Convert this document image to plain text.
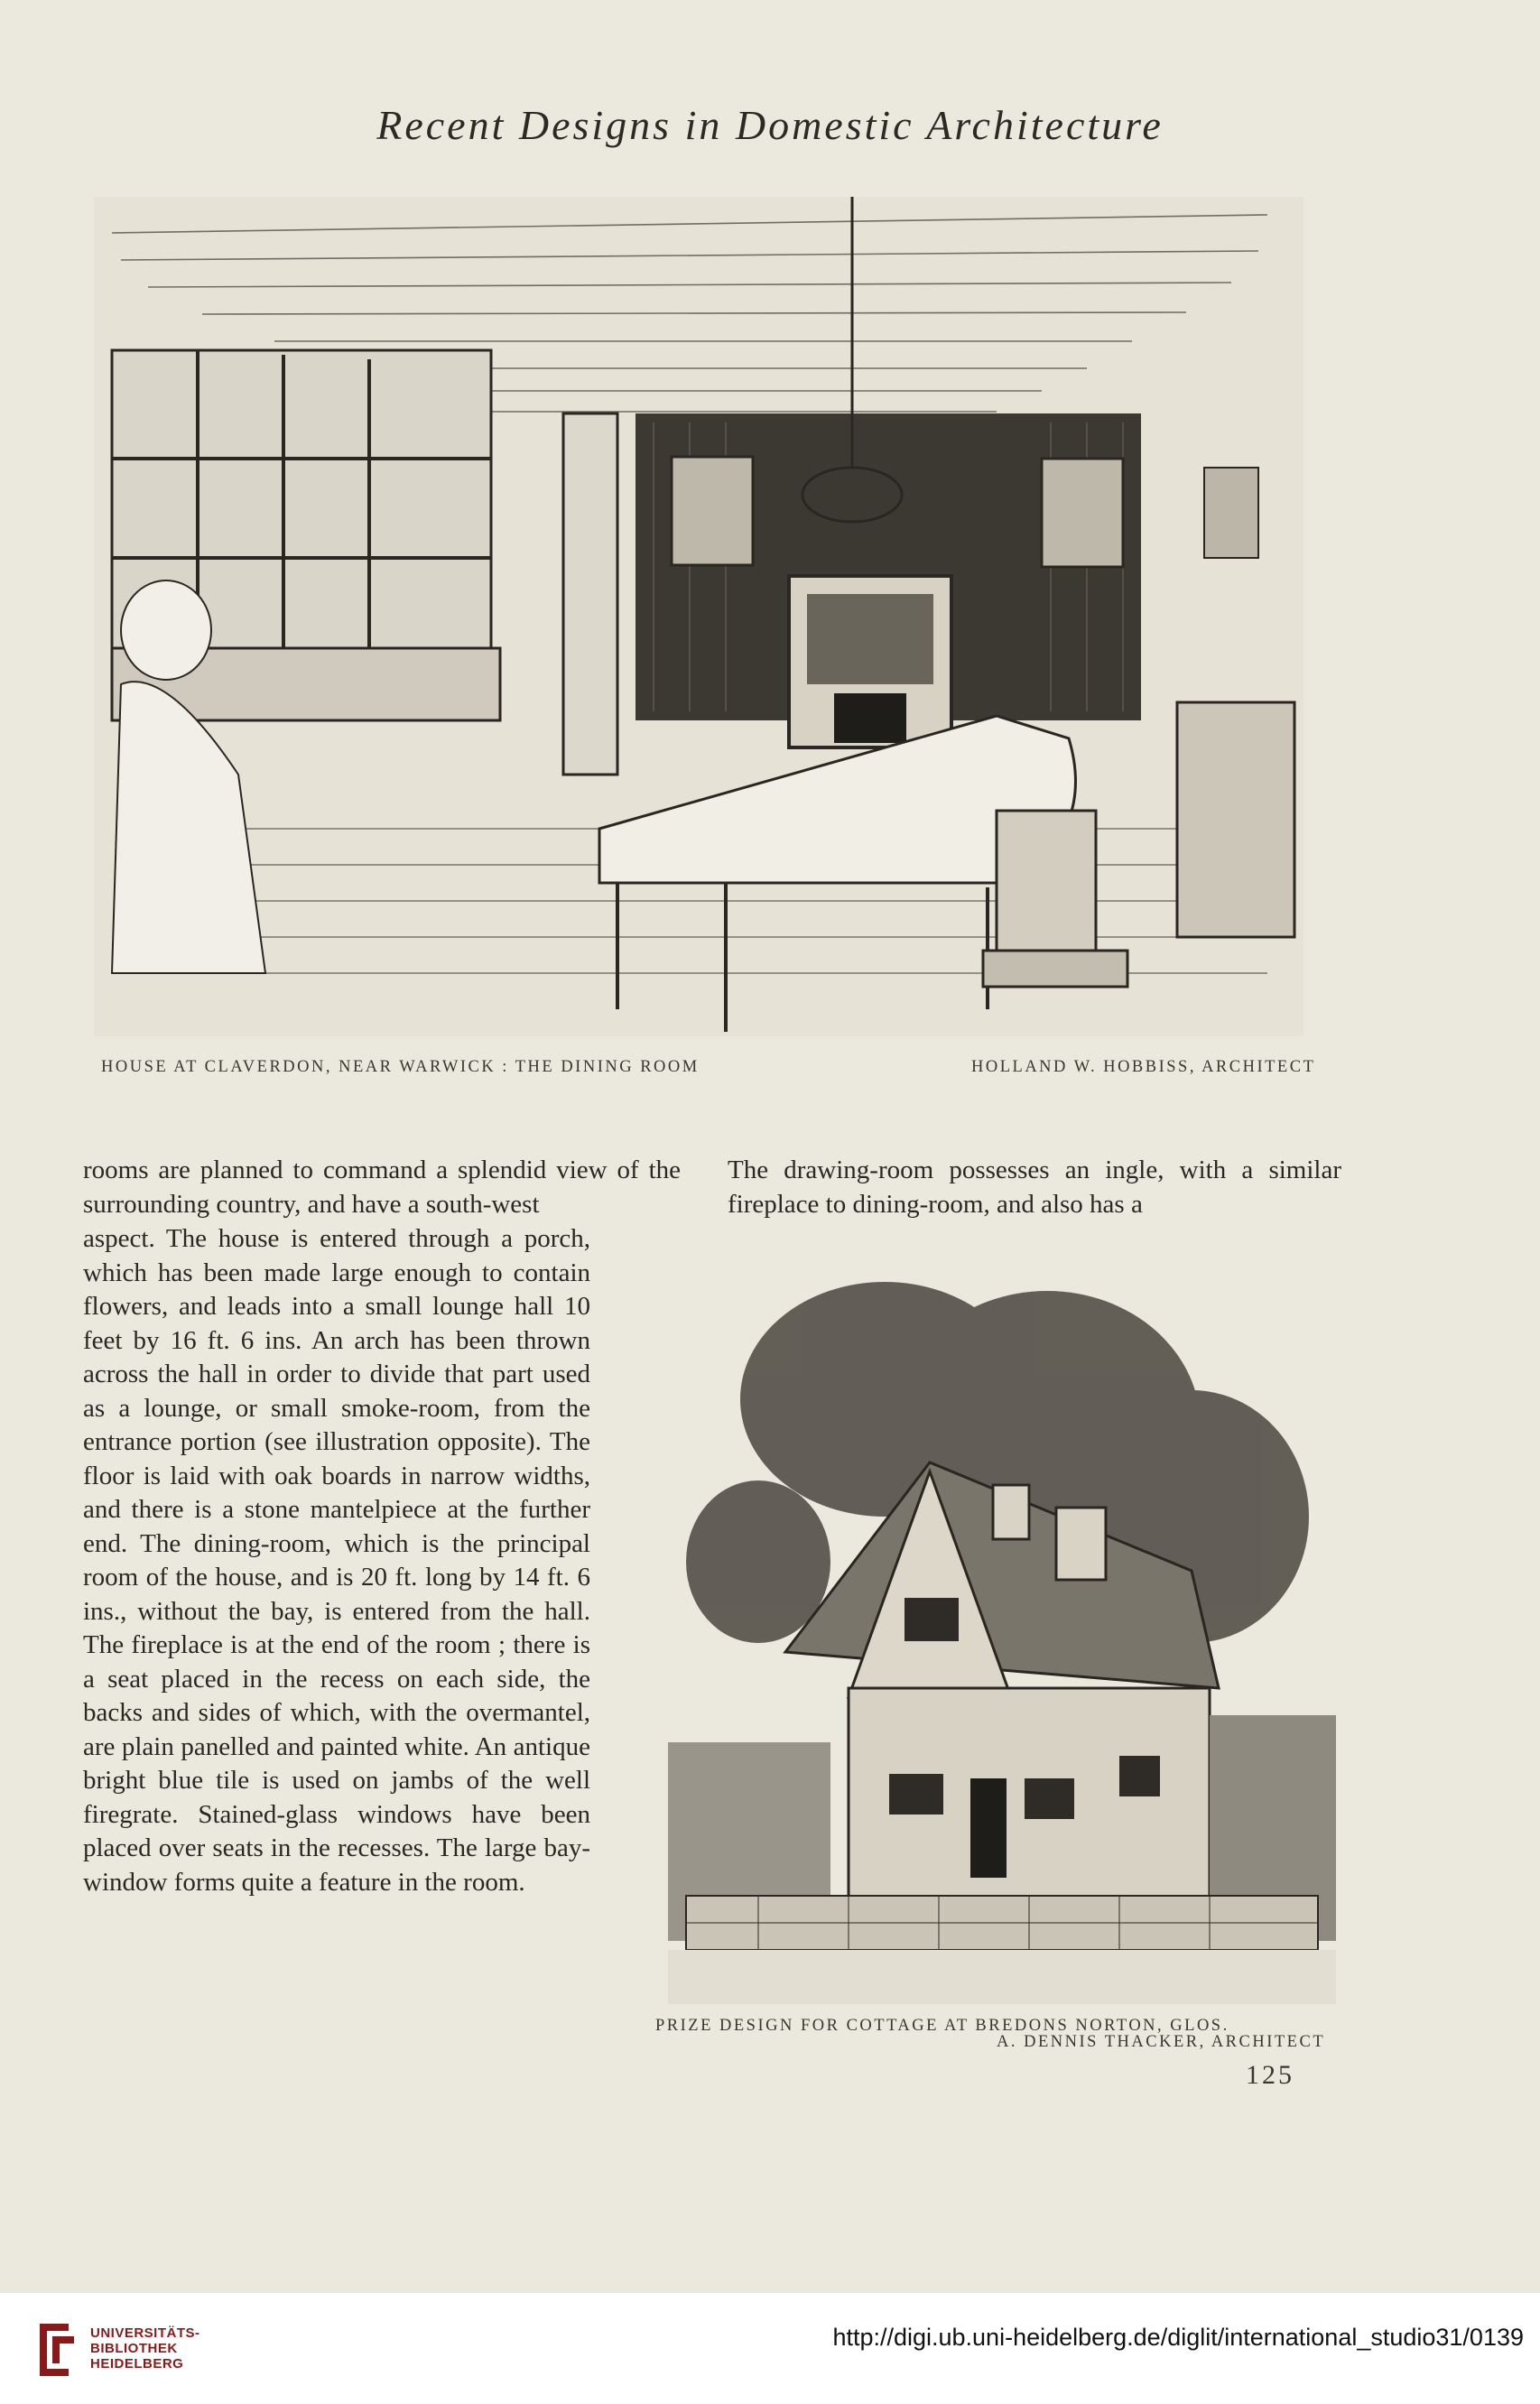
Recent Designs in Domestic Architecture
HOUSE AT CLAVERDON, NEAR WARWICK : THE DINING ROOM	HOLLAND W. HOBBISS, ARCHITECT

rooms are planned to command a splendid view of the surrounding country, and have a south-west

The drawing-room possesses an ingle, with a similar fireplace to dining-room, and also has a

aspect. The house is entered through a porch, which has been made large enough to contain flowers, and leads into a small lounge hall 10 feet by 16 ft. 6 ins. An arch has been thrown across the hall in order to divide that part used as a lounge, or small smoke-room, from the entrance portion (see illustration opposite). The floor is laid with oak boards in narrow widths, and there is a stone mantelpiece at the further end. The dining-room, which is the principal room of the house, and is 20 ft. long by 14 ft. 6 ins., without the bay, is entered from the hall. The fireplace is at the end of the room ; there is a seat placed in the recess on each side, the backs and sides of which, with the overmantel, are plain panelled and painted white. An antique bright blue tile is used on jambs of the well firegrate. Stained-glass windows have been placed over seats in the recesses. The large bay-window forms quite a feature in the room.

PRIZE DESIGN FOR COTTAGE AT BREDONS NORTON, GLOS.
A. DENNIS THACKER, ARCHITECT
125
UNIVERSITÄTS-
BIBLIOTHEK
HEIDELBERG
http://digi.ub.uni-heidelberg.de/diglit/international_studio31/0139
